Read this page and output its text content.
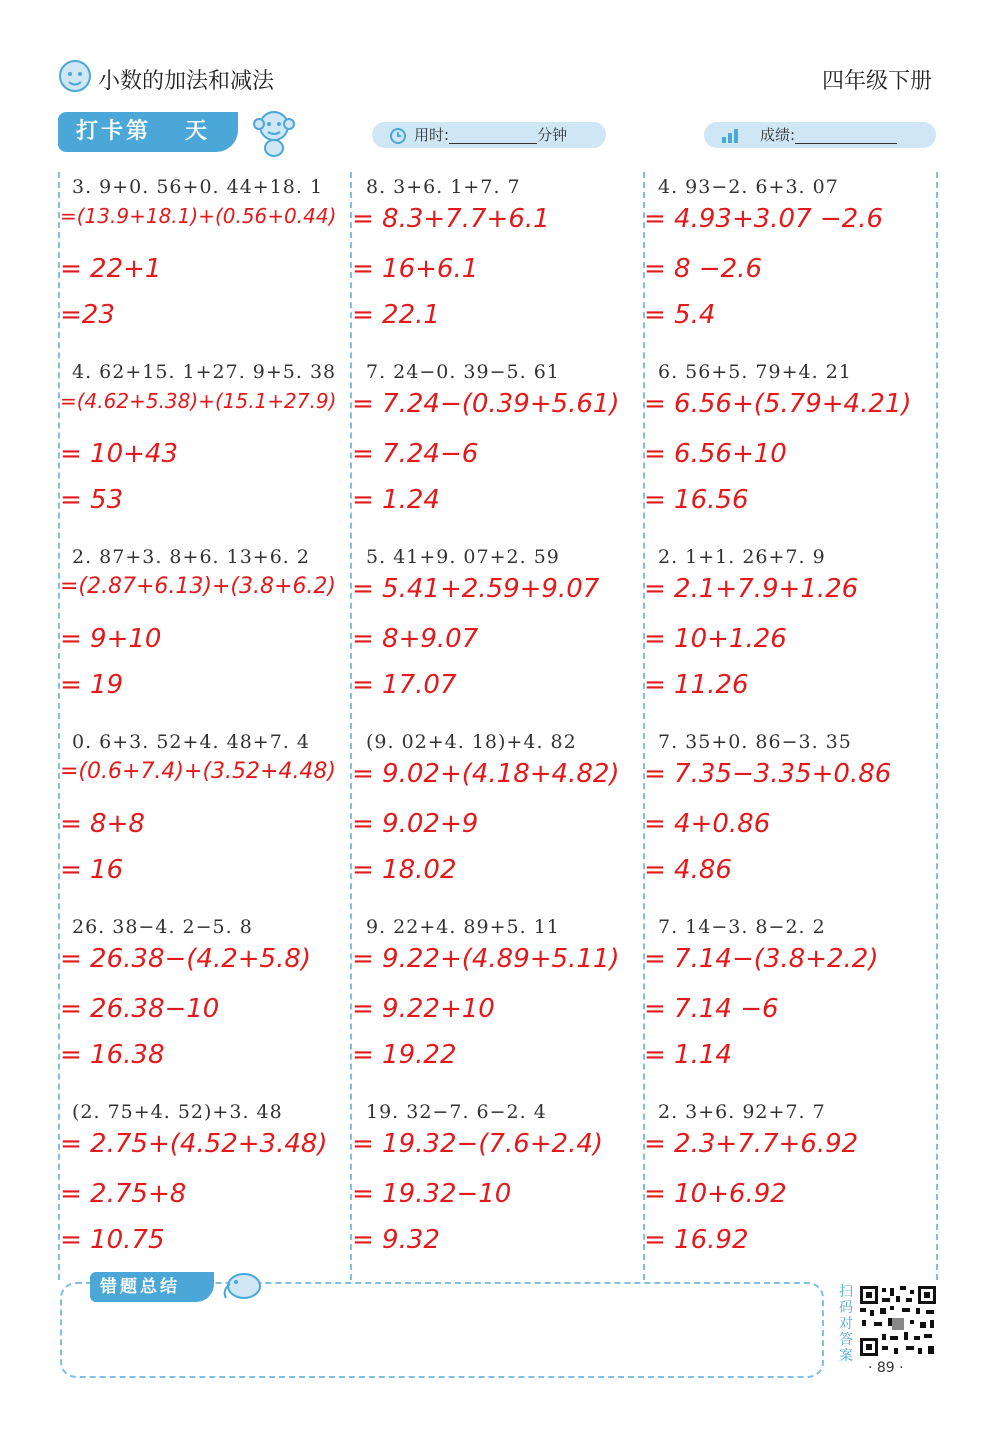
小数的加法和减法	四年级下册
打卡第 天	用时:	分钟	成绩:
3. 9+0. 56+0. 44+18. 1
=(13.9+18.1)+(0.56+0.44)
= 22+1
=23
8. 3+6. 1+7. 7
= 8.3+7.7+6.1
= 16+6.1
= 22.1
4. 93−2. 6+3. 07
= 4.93+3.07 −2.6
= 8 −2.6
= 5.4
4. 62+15. 1+27. 9+5. 38
=(4.62+5.38)+(15.1+27.9)
= 10+43
= 53
7. 24−0. 39−5. 61
= 7.24−(0.39+5.61)
= 7.24−6
= 1.24
6. 56+5. 79+4. 21
= 6.56+(5.79+4.21)
= 6.56+10
= 16.56
2. 87+3. 8+6. 13+6. 2
=(2.87+6.13)+(3.8+6.2)
= 9+10
= 19
5. 41+9. 07+2. 59
= 5.41+2.59+9.07
= 8+9.07
= 17.07
2. 1+1. 26+7. 9
= 2.1+7.9+1.26
= 10+1.26
= 11.26
0. 6+3. 52+4. 48+7. 4
=(0.6+7.4)+(3.52+4.48)
= 8+8
= 16
(9. 02+4. 18)+4. 82
= 9.02+(4.18+4.82)
= 9.02+9
= 18.02
7. 35+0. 86−3. 35
= 7.35−3.35+0.86
= 4+0.86
= 4.86
26. 38−4. 2−5. 8
= 26.38−(4.2+5.8)
= 26.38−10
= 16.38
9. 22+4. 89+5. 11
= 9.22+(4.89+5.11)
= 9.22+10
= 19.22
7. 14−3. 8−2. 2
= 7.14−(3.8+2.2)
= 7.14 −6
= 1.14
(2. 75+4. 52)+3. 48
= 2.75+(4.52+3.48)
= 2.75+8
= 10.75
19. 32−7. 6−2. 4
= 19.32−(7.6+2.4)
= 19.32−10
= 9.32
2. 3+6. 92+7. 7
= 2.3+7.7+6.92
= 10+6.92
= 16.92
错题总结	扫码对答案
· 89 ·
